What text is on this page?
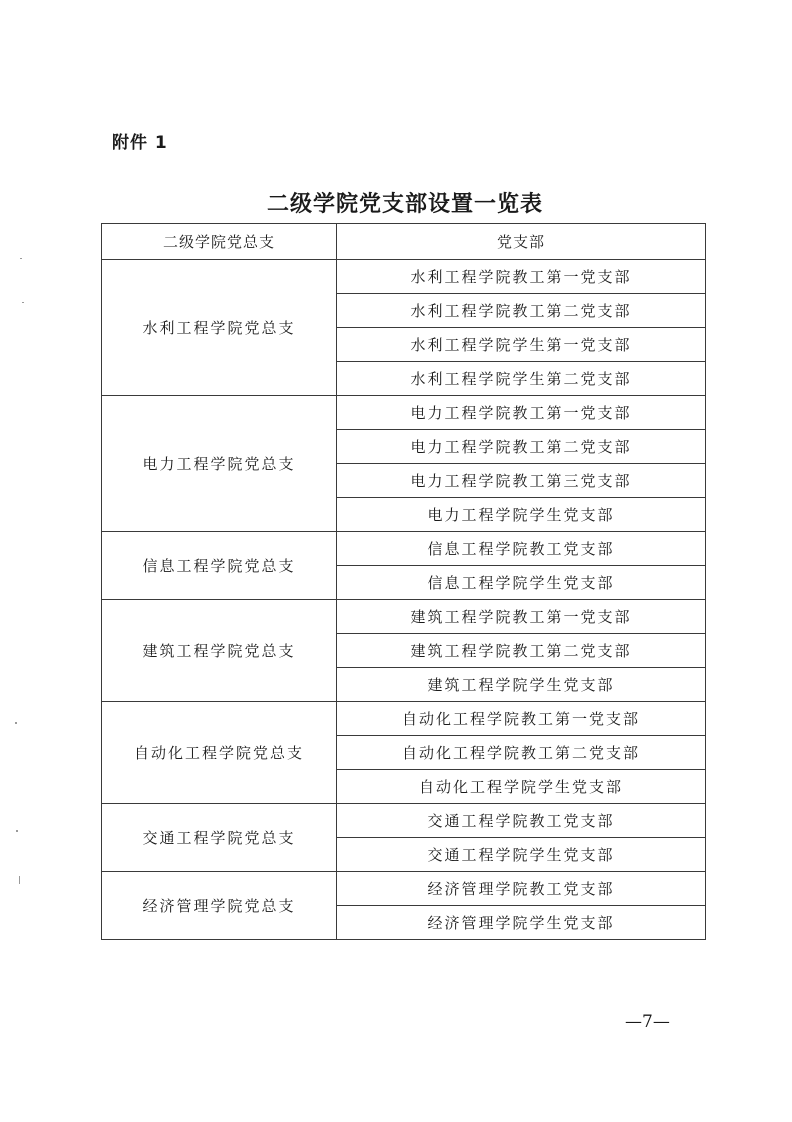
附件 1
二级学院党支部设置一览表
二级学院党总支	党支部
水利工程学院党总支	水利工程学院教工第一党支部
	水利工程学院教工第二党支部
	水利工程学院学生第一党支部
	水利工程学院学生第二党支部
电力工程学院党总支	电力工程学院教工第一党支部
	电力工程学院教工第二党支部
	电力工程学院教工第三党支部
	电力工程学院学生党支部
信息工程学院党总支	信息工程学院教工党支部
	信息工程学院学生党支部
建筑工程学院党总支	建筑工程学院教工第一党支部
	建筑工程学院教工第二党支部
	建筑工程学院学生党支部
自动化工程学院党总支	自动化工程学院教工第一党支部
	自动化工程学院教工第二党支部
	自动化工程学院学生党支部
交通工程学院党总支	交通工程学院教工党支部
	交通工程学院学生党支部
经济管理学院党总支	经济管理学院教工党支部
	经济管理学院学生党支部
—7—
